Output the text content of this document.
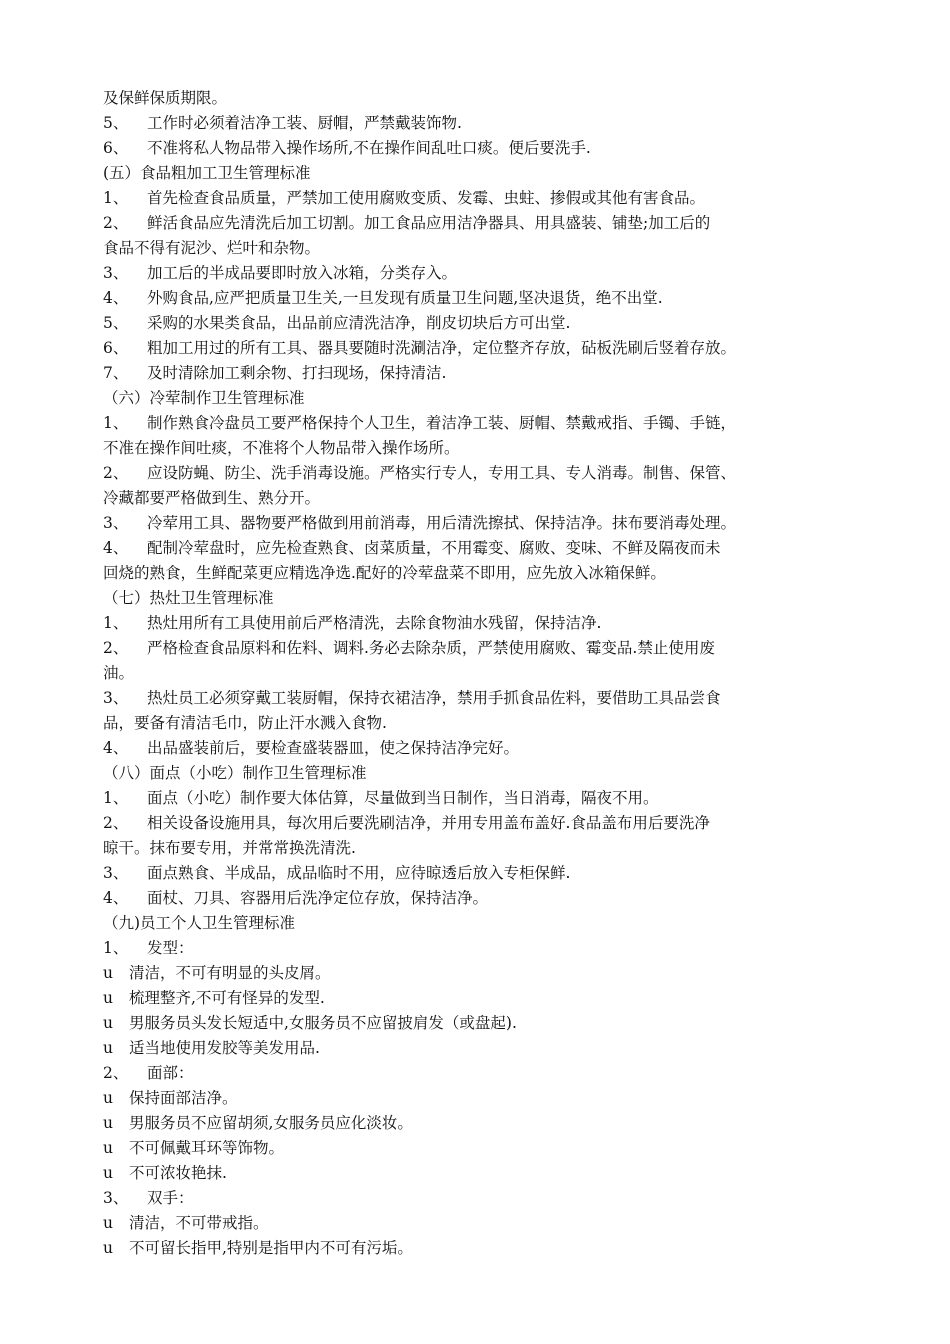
及保鲜保质期限。
5、 工作时必须着洁净工装、厨帽，严禁戴装饰物.
6、 不准将私人物品带入操作场所,不在操作间乱吐口痰。便后要洗手.
(五）食品粗加工卫生管理标准
1、 首先检查食品质量，严禁加工使用腐败变质、发霉、虫蛀、掺假或其他有害食品。
2、 鲜活食品应先清洗后加工切割。加工食品应用洁净器具、用具盛装、铺垫;加工后的
食品不得有泥沙、烂叶和杂物。
3、 加工后的半成品要即时放入冰箱，分类存入。
4、 外购食品,应严把质量卫生关,一旦发现有质量卫生问题,坚决退货，绝不出堂.
5、 采购的水果类食品，出品前应清洗洁净，削皮切块后方可出堂.
6、 粗加工用过的所有工具、器具要随时洗涮洁净，定位整齐存放，砧板洗刷后竖着存放。
7、 及时清除加工剩余物、打扫现场，保持清洁.
（六）冷荤制作卫生管理标准
1、 制作熟食冷盘员工要严格保持个人卫生，着洁净工装、厨帽、禁戴戒指、手镯、手链，
不准在操作间吐痰，不准将个人物品带入操作场所。
2、 应设防蝇、防尘、洗手消毒设施。严格实行专人，专用工具、专人消毒。制售、保管、
冷藏都要严格做到生、熟分开。
3、 冷荤用工具、器物要严格做到用前消毒，用后清洗擦拭、保持洁净。抹布要消毒处理。
4、 配制冷荤盘时，应先检查熟食、卤菜质量，不用霉变、腐败、变味、不鲜及隔夜而未
回烧的熟食，生鲜配菜更应精选净选.配好的冷荤盘菜不即用，应先放入冰箱保鲜。
（七）热灶卫生管理标准
1、 热灶用所有工具使用前后严格清洗，去除食物油水残留，保持洁净.
2、 严格检查食品原料和佐料、调料.务必去除杂质，严禁使用腐败、霉变品.禁止使用废
油。
3、 热灶员工必须穿戴工装厨帽，保持衣裙洁净，禁用手抓食品佐料，要借助工具品尝食
品，要备有清洁毛巾，防止汗水溅入食物.
4、 出品盛装前后，要检查盛装器皿，使之保持洁净完好。
（八）面点（小吃）制作卫生管理标准
1、 面点（小吃）制作要大体估算，尽量做到当日制作，当日消毒，隔夜不用。
2、 相关设备设施用具，每次用后要洗刷洁净，并用专用盖布盖好.食品盖布用后要洗净
晾干。抹布要专用，并常常换洗清洗.
3、 面点熟食、半成品，成品临时不用，应待晾透后放入专柜保鲜.
4、 面杖、刀具、容器用后洗净定位存放，保持洁净。
（九)员工个人卫生管理标准
1、 发型：
u 清洁，不可有明显的头皮屑。
u 梳理整齐,不可有怪异的发型.
u 男服务员头发长短适中,女服务员不应留披肩发（或盘起).
u 适当地使用发胶等美发用品.
2、 面部：
u 保持面部洁净。
u 男服务员不应留胡须,女服务员应化淡妆。
u 不可佩戴耳环等饰物。
u 不可浓妆艳抹.
3、 双手：
u 清洁，不可带戒指。
u 不可留长指甲,特别是指甲内不可有污垢。
